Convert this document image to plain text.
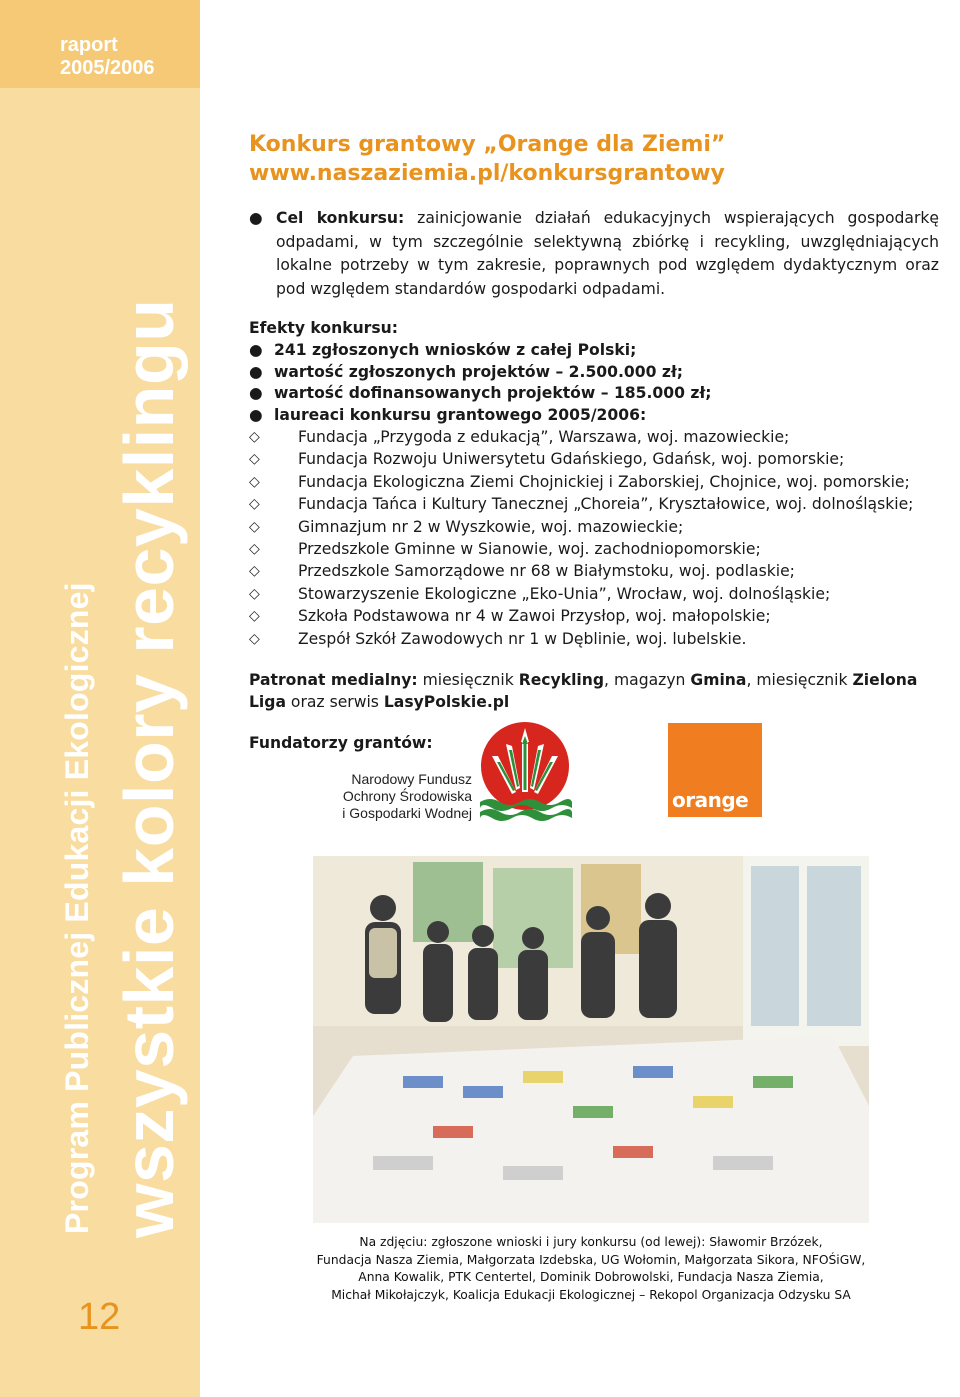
raport
2005/2006
Program Publicznej Edukacji Ekologicznej wszystkie kolory recyklingu
12
Konkurs grantowy „Orange dla Ziemi”
www.naszaziemia.pl/konkursgrantowy

● Cel konkursu: zainicjowanie działań edukacyjnych wspierających gospodarkę odpadami, w tym szczególnie selektywną zbiórkę i recykling, uwzględniających lokalne potrzeby w tym zakresie, poprawnych pod względem dydaktycznym oraz pod względem standardów gospodarki odpadami.

Efekty konkursu:
● 241 zgłoszonych wniosków z całej Polski;
● wartość zgłoszonych projektów – 2.500.000 zł;
● wartość dofinansowanych projektów – 185.000 zł;
● laureaci konkursu grantowego 2005/2006:
◇ Fundacja „Przygoda z edukacją”, Warszawa, woj. mazowieckie;
◇ Fundacja Rozwoju Uniwersytetu Gdańskiego, Gdańsk, woj. pomorskie;
◇ Fundacja Ekologiczna Ziemi Chojnickiej i Zaborskiej, Chojnice, woj. pomorskie;
◇ Fundacja Tańca i Kultury Tanecznej „Choreia”, Kryształowice, woj. dolnośląskie;
◇ Gimnazjum nr 2 w Wyszkowie, woj. mazowieckie;
◇ Przedszkole Gminne w Sianowie, woj. zachodniopomorskie;
◇ Przedszkole Samorządowe nr 68 w Białymstoku, woj. podlaskie;
◇ Stowarzyszenie Ekologiczne „Eko-Unia”, Wrocław, woj. dolnośląskie;
◇ Szkoła Podstawowa nr 4 w Zawoi Przysłop, woj. małopolskie;
◇ Zespół Szkół Zawodowych nr 1 w Dęblinie, woj. lubelskie.

Patronat medialny: miesięcznik Recykling, magazyn Gmina, miesięcznik Zielona Liga oraz serwis LasyPolskie.pl

Fundatorzy grantów:
Narodowy Fundusz
Ochrony Środowiska
i Gospodarki Wodnej
orange
Na zdjęciu: zgłoszone wnioski i jury konkursu (od lewej): Sławomir Brzózek,
Fundacja Nasza Ziemia, Małgorzata Izdebska, UG Wołomin, Małgorzata Sikora, NFOŚiGW,
Anna Kowalik, PTK Centertel, Dominik Dobrowolski, Fundacja Nasza Ziemia,
Michał Mikołajczyk, Koalicja Edukacji Ekologicznej – Rekopol Organizacja Odzysku SA
